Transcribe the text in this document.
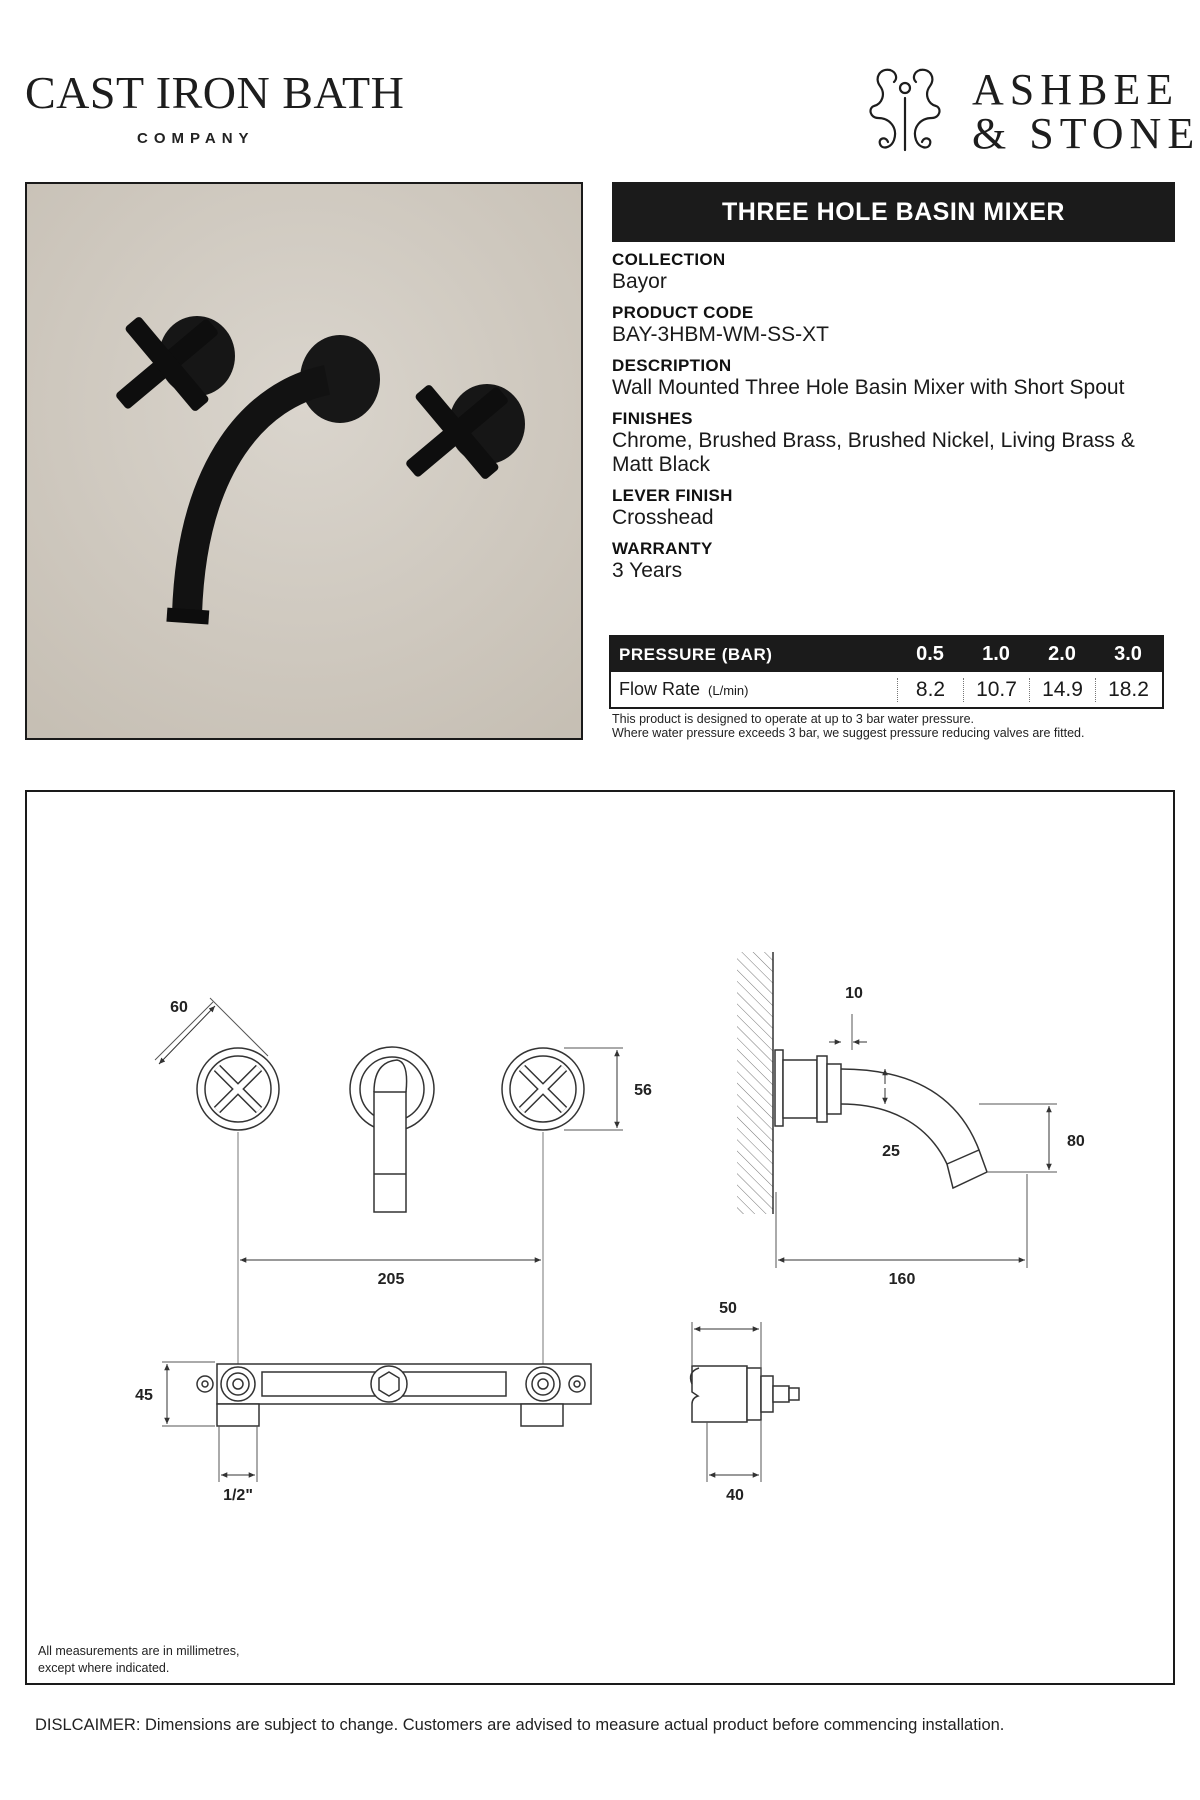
CAST IRON BATH
COMPANY
ASHBEE
& STONE
THREE HOLE BASIN MIXER
COLLECTION
Bayor
PRODUCT CODE
BAY-3HBM-WM-SS-XT
DESCRIPTION
Wall Mounted Three Hole Basin Mixer with Short Spout
FINISHES
Chrome, Brushed Brass, Brushed Nickel, Living Brass & Matt Black
LEVER FINISH
Crosshead
WARRANTY
3 Years
PRESSURE (BAR)	0.5	1.0	2.0	3.0
Flow Rate (L/min)	8.2	10.7	14.9	18.2
This product is designed to operate at up to 3 bar water pressure.
Where water pressure exceeds 3 bar, we suggest pressure reducing valves are fitted.
60
56
205
10
25
80
160
45
1/2"
50
40
All measurements are in millimetres,
except where indicated.
DISLCAIMER: Dimensions are subject to change. Customers are advised to measure actual product before commencing installation.
